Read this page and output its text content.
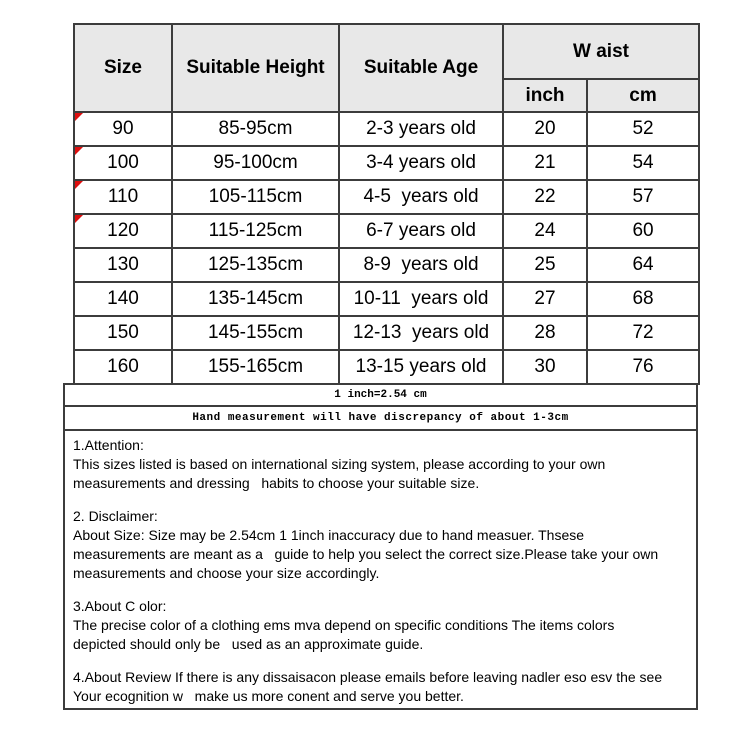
Size	Suitable Height	Suitable Age	W aist	
			inch	cm

90	85-95cm	2-3 years old	20	52

100	95-100cm	3-4 years old	21	54

110	105-115cm	4-5  years old	22	57

120	115-125cm	6-7 years old	24	60
130	125-135cm	8-9  years old	25	64
140	135-145cm	10-11  years old	27	68
150	145-155cm	12-13  years old	28	72
160	155-165cm	13-15 years old	30	76
1 inch=2.54 cm
Hand measurement will have discrepancy of about 1-3cm
1.Attention:
This sizes listed is based on international sizing system, please according to your own
measurements and dressing   habits to choose your suitable size.
2. Disclaimer:
About Size: Size may be 2.54cm 1 1inch inaccuracy due to hand measuer. Thsese
measurements are meant as a   guide to help you select the correct size.Please take your own
measurements and choose your size accordingly.
3.About C olor:
The precise color of a clothing ems mva depend on specific conditions The items colors
depicted should only be   used as an approximate guide.
4.About Review If there is any dissaisacon please emails before leaving nadler eso esv the see
Your ecognition w   make us more conent and serve you better.
